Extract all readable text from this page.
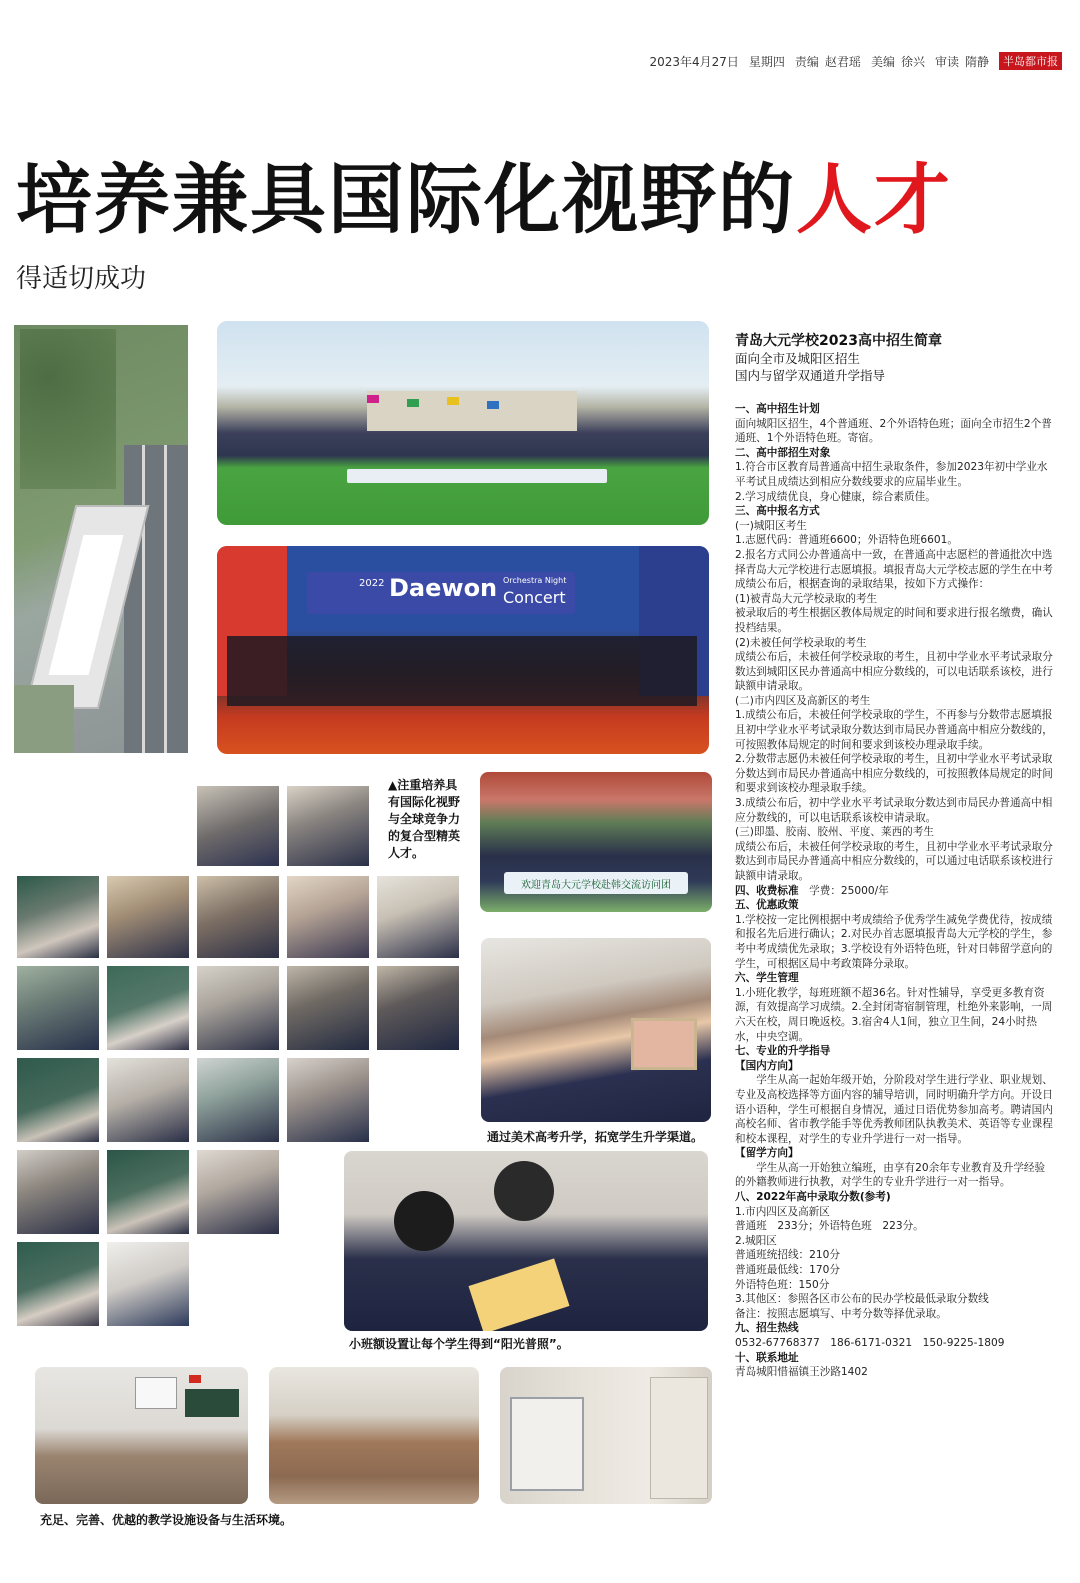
2023年4月27日 星期四 责编 赵君瑶 美编 徐兴 审读 隋静	半岛都市报
培养兼具国际化视野的人才
得适切成功
2022 Daewon Orchestra Night
Concert
▲注重培养具有国际化视野与全球竞争力的复合型精英人才。
欢迎青岛大元学校赴韩交流访问团
通过美术高考升学，拓宽学生升学渠道。
小班额设置让每个学生得到“阳光普照”。
充足、完善、优越的教学设施设备与生活环境。
青岛大元学校2023高中招生简章
面向全市及城阳区招生
国内与留学双通道升学指导

一、高中招生计划

面向城阳区招生，4个普通班、2个外语特色班；面向全市招生2个普通班、1个外语特色班。寄宿。

二、高中部招生对象

1.符合市区教育局普通高中招生录取条件，参加2023年初中学业水平考试且成绩达到相应分数线要求的应届毕业生。

2.学习成绩优良，身心健康，综合素质佳。

三、高中报名方式

(一)城阳区考生

1.志愿代码：普通班6600；外语特色班6601。

2.报名方式同公办普通高中一致，在普通高中志愿栏的普通批次中选择青岛大元学校进行志愿填报。填报青岛大元学校志愿的学生在中考成绩公布后，根据查询的录取结果，按如下方式操作：

(1)被青岛大元学校录取的考生

被录取后的考生根据区教体局规定的时间和要求进行报名缴费，确认投档结果。

(2)未被任何学校录取的考生

成绩公布后，未被任何学校录取的考生，且初中学业水平考试录取分数达到城阳区民办普通高中相应分数线的，可以电话联系该校，进行缺额申请录取。

(二)市内四区及高新区的考生

1.成绩公布后，未被任何学校录取的学生，不再参与分数带志愿填报且初中学业水平考试录取分数达到市局民办普通高中相应分数线的，可按照教体局规定的时间和要求到该校办理录取手续。

2.分数带志愿仍未被任何学校录取的考生，且初中学业水平考试录取分数达到市局民办普通高中相应分数线的，可按照教体局规定的时间和要求到该校办理录取手续。

3.成绩公布后，初中学业水平考试录取分数达到市局民办普通高中相应分数线的，可以电话联系该校申请录取。

(三)即墨、胶南、胶州、平度、莱西的考生

成绩公布后，未被任何学校录取的考生，且初中学业水平考试录取分数达到市局民办普通高中相应分数线的，可以通过电话联系该校进行缺额申请录取。

四、收费标准　 学费：25000/年

五、优惠政策

1.学校按一定比例根据中考成绩给予优秀学生减免学费优待，按成绩和报名先后进行确认；2.对民办首志愿填报青岛大元学校的学生，参考中考成绩优先录取；3.学校设有外语特色班，针对日韩留学意向的学生，可根据区局中考政策降分录取。

六、学生管理

1.小班化教学，每班班额不超36名。针对性辅导，享受更多教育资源，有效提高学习成绩。2.全封闭寄宿制管理，杜绝外来影响，一周六天在校，周日晚返校。3.宿舍4人1间，独立卫生间，24小时热水，中央空调。

七、专业的升学指导

【国内方向】

学生从高一起始年级开始，分阶段对学生进行学业、职业规划、专业及高校选择等方面内容的辅导培训，同时明确升学方向。开设日语小语种，学生可根据自身情况，通过日语优势参加高考。聘请国内高校名师、省市教学能手等优秀教师团队执教美术、英语等专业课程和校本课程，对学生的专业升学进行一对一指导。

【留学方向】

学生从高一开始独立编班，由享有20余年专业教育及升学经验的外籍教师进行执教，对学生的专业升学进行一对一指导。

八、2022年高中录取分数(参考)

1.市内四区及高新区

普通班　233分；外语特色班　223分。

2.城阳区

普通班统招线：210分

普通班最低线：170分

外语特色班：150分

3.其他区：参照各区市公布的民办学校最低录取分数线

备注：按照志愿填写、中考分数等择优录取。

九、招生热线

0532-67768377　186-6171-0321　150-9225-1809

十、联系地址

青岛城阳惜福镇王沙路1402
